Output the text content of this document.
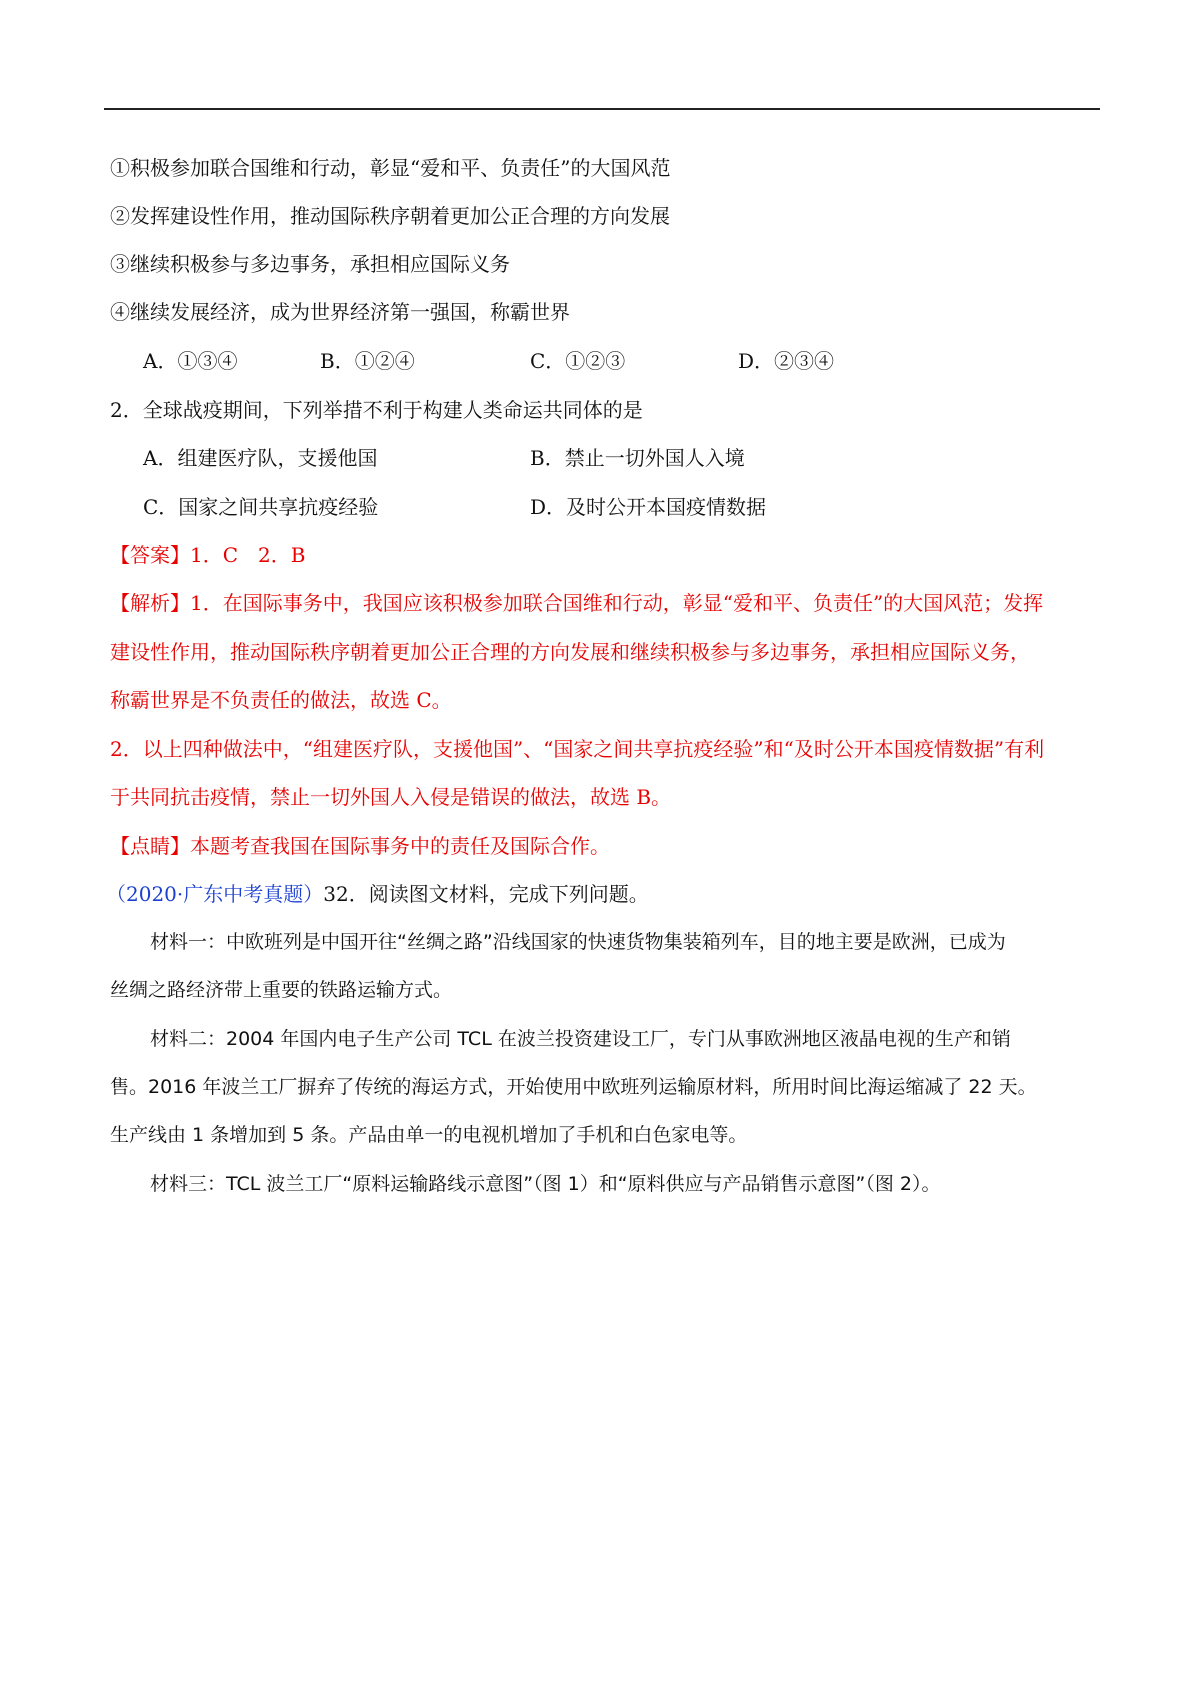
①积极参加联合国维和行动，彰显“爱和平、负责任”的大国风范
②发挥建设性作用，推动国际秩序朝着更加公正合理的方向发展
③继续积极参与多边事务，承担相应国际义务
④继续发展经济，成为世界经济第一强国，称霸世界
A．①③④	B．①②④	C．①②③	D．②③④
2．全球战疫期间，下列举措不利于构建人类命运共同体的是
A．组建医疗队，支援他国	B．禁止一切外国人入境
C．国家之间共享抗疫经验	D．及时公开本国疫情数据
【答案】1．C　2．B
【解析】1．在国际事务中，我国应该积极参加联合国维和行动，彰显“爱和平、负责任”的大国风范；发挥
建设性作用，推动国际秩序朝着更加公正合理的方向发展和继续积极参与多边事务，承担相应国际义务，
称霸世界是不负责任的做法，故选 C。
2．以上四种做法中，“组建医疗队，支援他国”、“国家之间共享抗疫经验”和“及时公开本国疫情数据”有利
于共同抗击疫情，禁止一切外国人入侵是错误的做法，故选 B。
【点睛】本题考查我国在国际事务中的责任及国际合作。
（2020·广东中考真题）32．阅读图文材料，完成下列问题。
材料一：中欧班列是中国开往“丝绸之路”沿线国家的快速货物集装箱列车，目的地主要是欧洲，已成为
丝绸之路经济带上重要的铁路运输方式。
材料二：2004 年国内电子生产公司 TCL 在波兰投资建设工厂，专门从事欧洲地区液晶电视的生产和销
售。2016 年波兰工厂摒弃了传统的海运方式，开始使用中欧班列运输原材料，所用时间比海运缩减了 22 天。
生产线由 1 条增加到 5 条。产品由单一的电视机增加了手机和白色家电等。
材料三：TCL 波兰工厂“原料运输路线示意图”（图 1）和“原料供应与产品销售示意图”（图 2）。
